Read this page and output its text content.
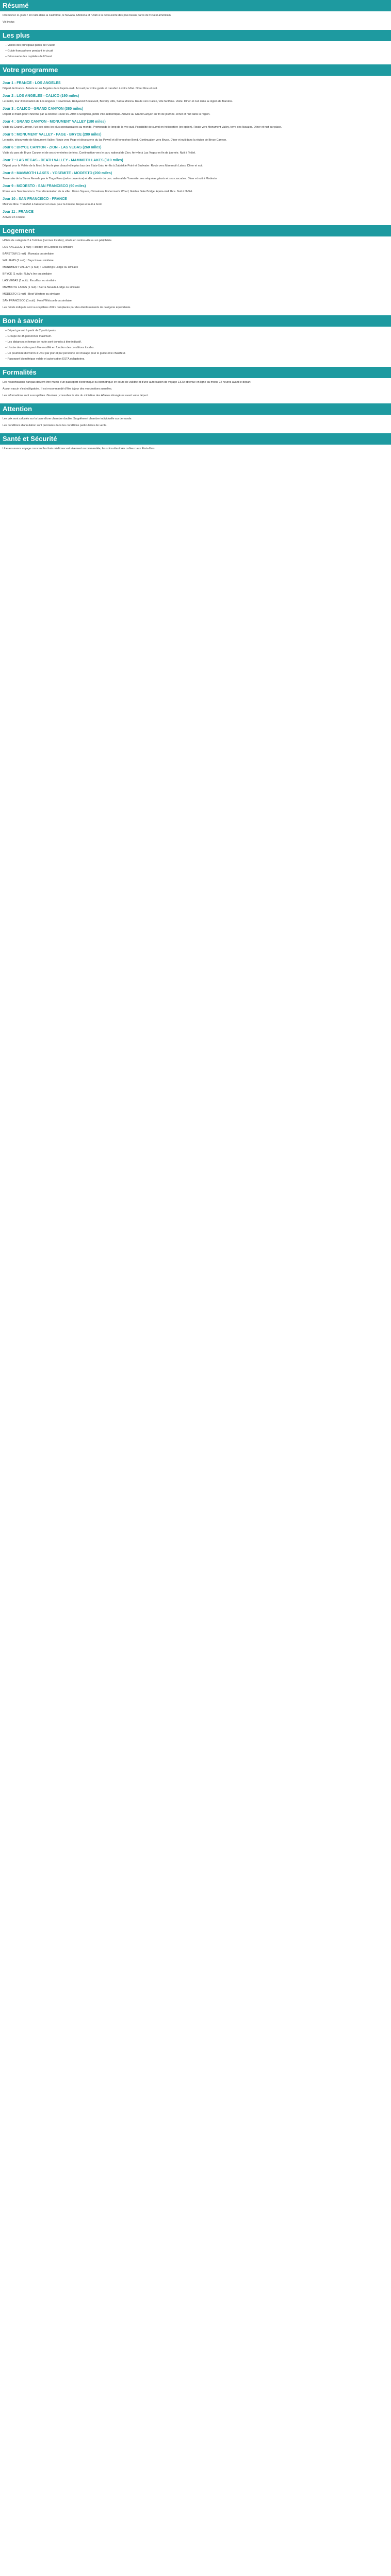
Résumé

Découvrez 11 jours / 10 nuits dans la Californie, le Nevada, l'Arizona et l'Utah à la découverte des plus beaux parcs de l'Ouest américain.

Vol inclus

Les plus
– Visites des principaux parcs de l'Ouest
– Guide francophone pendant le circuit
– Découverte des capitales de l'Ouest
Votre programme
Jour 1 : FRANCE - LOS ANGELES

Départ de France. Arrivée à Los Angeles dans l'après-midi. Accueil par votre guide et transfert à votre hôtel. Dîner libre et nuit.

Jour 2 : LOS ANGELES - CALICO (190 miles)

Le matin, tour d'orientation de Los Angeles : Downtown, Hollywood Boulevard, Beverly Hills, Santa Monica. Route vers Calico, ville fantôme. Visite. Dîner et nuit dans la région de Barstow.

Jour 3 : CALICO - GRAND CANYON (380 miles)

Départ le matin pour l'Arizona par la célèbre Route 66. Arrêt à Seligman, petite ville authentique. Arrivée au Grand Canyon en fin de journée. Dîner et nuit dans la région.

Jour 4 : GRAND CANYON - MONUMENT VALLEY (180 miles)

Visite du Grand Canyon, l'un des sites les plus spectaculaires au monde. Promenade le long de la rive sud. Possibilité de survol en hélicoptère (en option). Route vers Monument Valley, terre des Navajos. Dîner et nuit sur place.

Jour 5 : MONUMENT VALLEY - PAGE - BRYCE (280 miles)

Le matin, découverte de Monument Valley. Route vers Page et découverte du lac Powell et d'Horseshoe Bend. Continuation vers Bryce. Dîner et nuit dans la région de Bryce Canyon.

Jour 6 : BRYCE CANYON - ZION - LAS VEGAS (260 miles)

Visite du parc de Bryce Canyon et de ses cheminées de fées. Continuation vers le parc national de Zion. Arrivée à Las Vegas en fin de journée. Nuit à l'hôtel.

Jour 7 : LAS VEGAS - DEATH VALLEY - MAMMOTH LAKES (310 miles)

Départ pour la Vallée de la Mort, le lieu le plus chaud et le plus bas des États-Unis. Arrêts à Zabriskie Point et Badwater. Route vers Mammoth Lakes. Dîner et nuit.

Jour 8 : MAMMOTH LAKES - YOSEMITE - MODESTO (200 miles)

Traversée de la Sierra Nevada par le Tioga Pass (selon ouverture) et découverte du parc national de Yosemite, ses séquoias géants et ses cascades. Dîner et nuit à Modesto.

Jour 9 : MODESTO - SAN FRANCISCO (90 miles)

Route vers San Francisco. Tour d'orientation de la ville : Union Square, Chinatown, Fisherman's Wharf, Golden Gate Bridge. Après-midi libre. Nuit à l'hôtel.

Jour 10 : SAN FRANCISCO - FRANCE

Matinée libre. Transfert à l'aéroport et envol pour la France. Repas et nuit à bord.

Jour 11 : FRANCE

Arrivée en France.

Logement

Hôtels de catégorie 2 à 3 étoiles (normes locales), situés en centre-ville ou en périphérie.

LOS ANGELES (1 nuit) : Holiday Inn Express ou similaire

BARSTOW (1 nuit) : Ramada ou similaire

WILLIAMS (1 nuit) : Days Inn ou similaire

MONUMENT VALLEY (1 nuit) : Goulding's Lodge ou similaire

BRYCE (1 nuit) : Ruby's Inn ou similaire

LAS VEGAS (1 nuit) : Excalibur ou similaire

MAMMOTH LAKES (1 nuit) : Sierra Nevada Lodge ou similaire

MODESTO (1 nuit) : Best Western ou similaire

SAN FRANCISCO (1 nuit) : Hotel Whitcomb ou similaire

Les hôtels indiqués sont susceptibles d'être remplacés par des établissements de catégorie équivalente.

Bon à savoir
– Départ garanti à partir de 2 participants.
– Groupe de 45 personnes maximum.
– Les distances et temps de route sont donnés à titre indicatif.
– L'ordre des visites peut être modifié en fonction des conditions locales.
– Un pourboire d'environ 4 USD par jour et par personne est d'usage pour le guide et le chauffeur.
– Passeport biométrique valide et autorisation ESTA obligatoires.
Formalités

Les ressortissants français doivent être munis d'un passeport électronique ou biométrique en cours de validité et d'une autorisation de voyage ESTA obtenue en ligne au moins 72 heures avant le départ.

Aucun vaccin n'est obligatoire. Il est recommandé d'être à jour des vaccinations usuelles.

Les informations sont susceptibles d'évoluer ; consultez le site du ministère des Affaires étrangères avant votre départ.

Attention

Les prix sont calculés sur la base d'une chambre double. Supplément chambre individuelle sur demande.

Les conditions d'annulation sont précisées dans les conditions particulières de vente.

Santé et Sécurité

Une assurance voyage couvrant les frais médicaux est vivement recommandée, les soins étant très coûteux aux États-Unis.
